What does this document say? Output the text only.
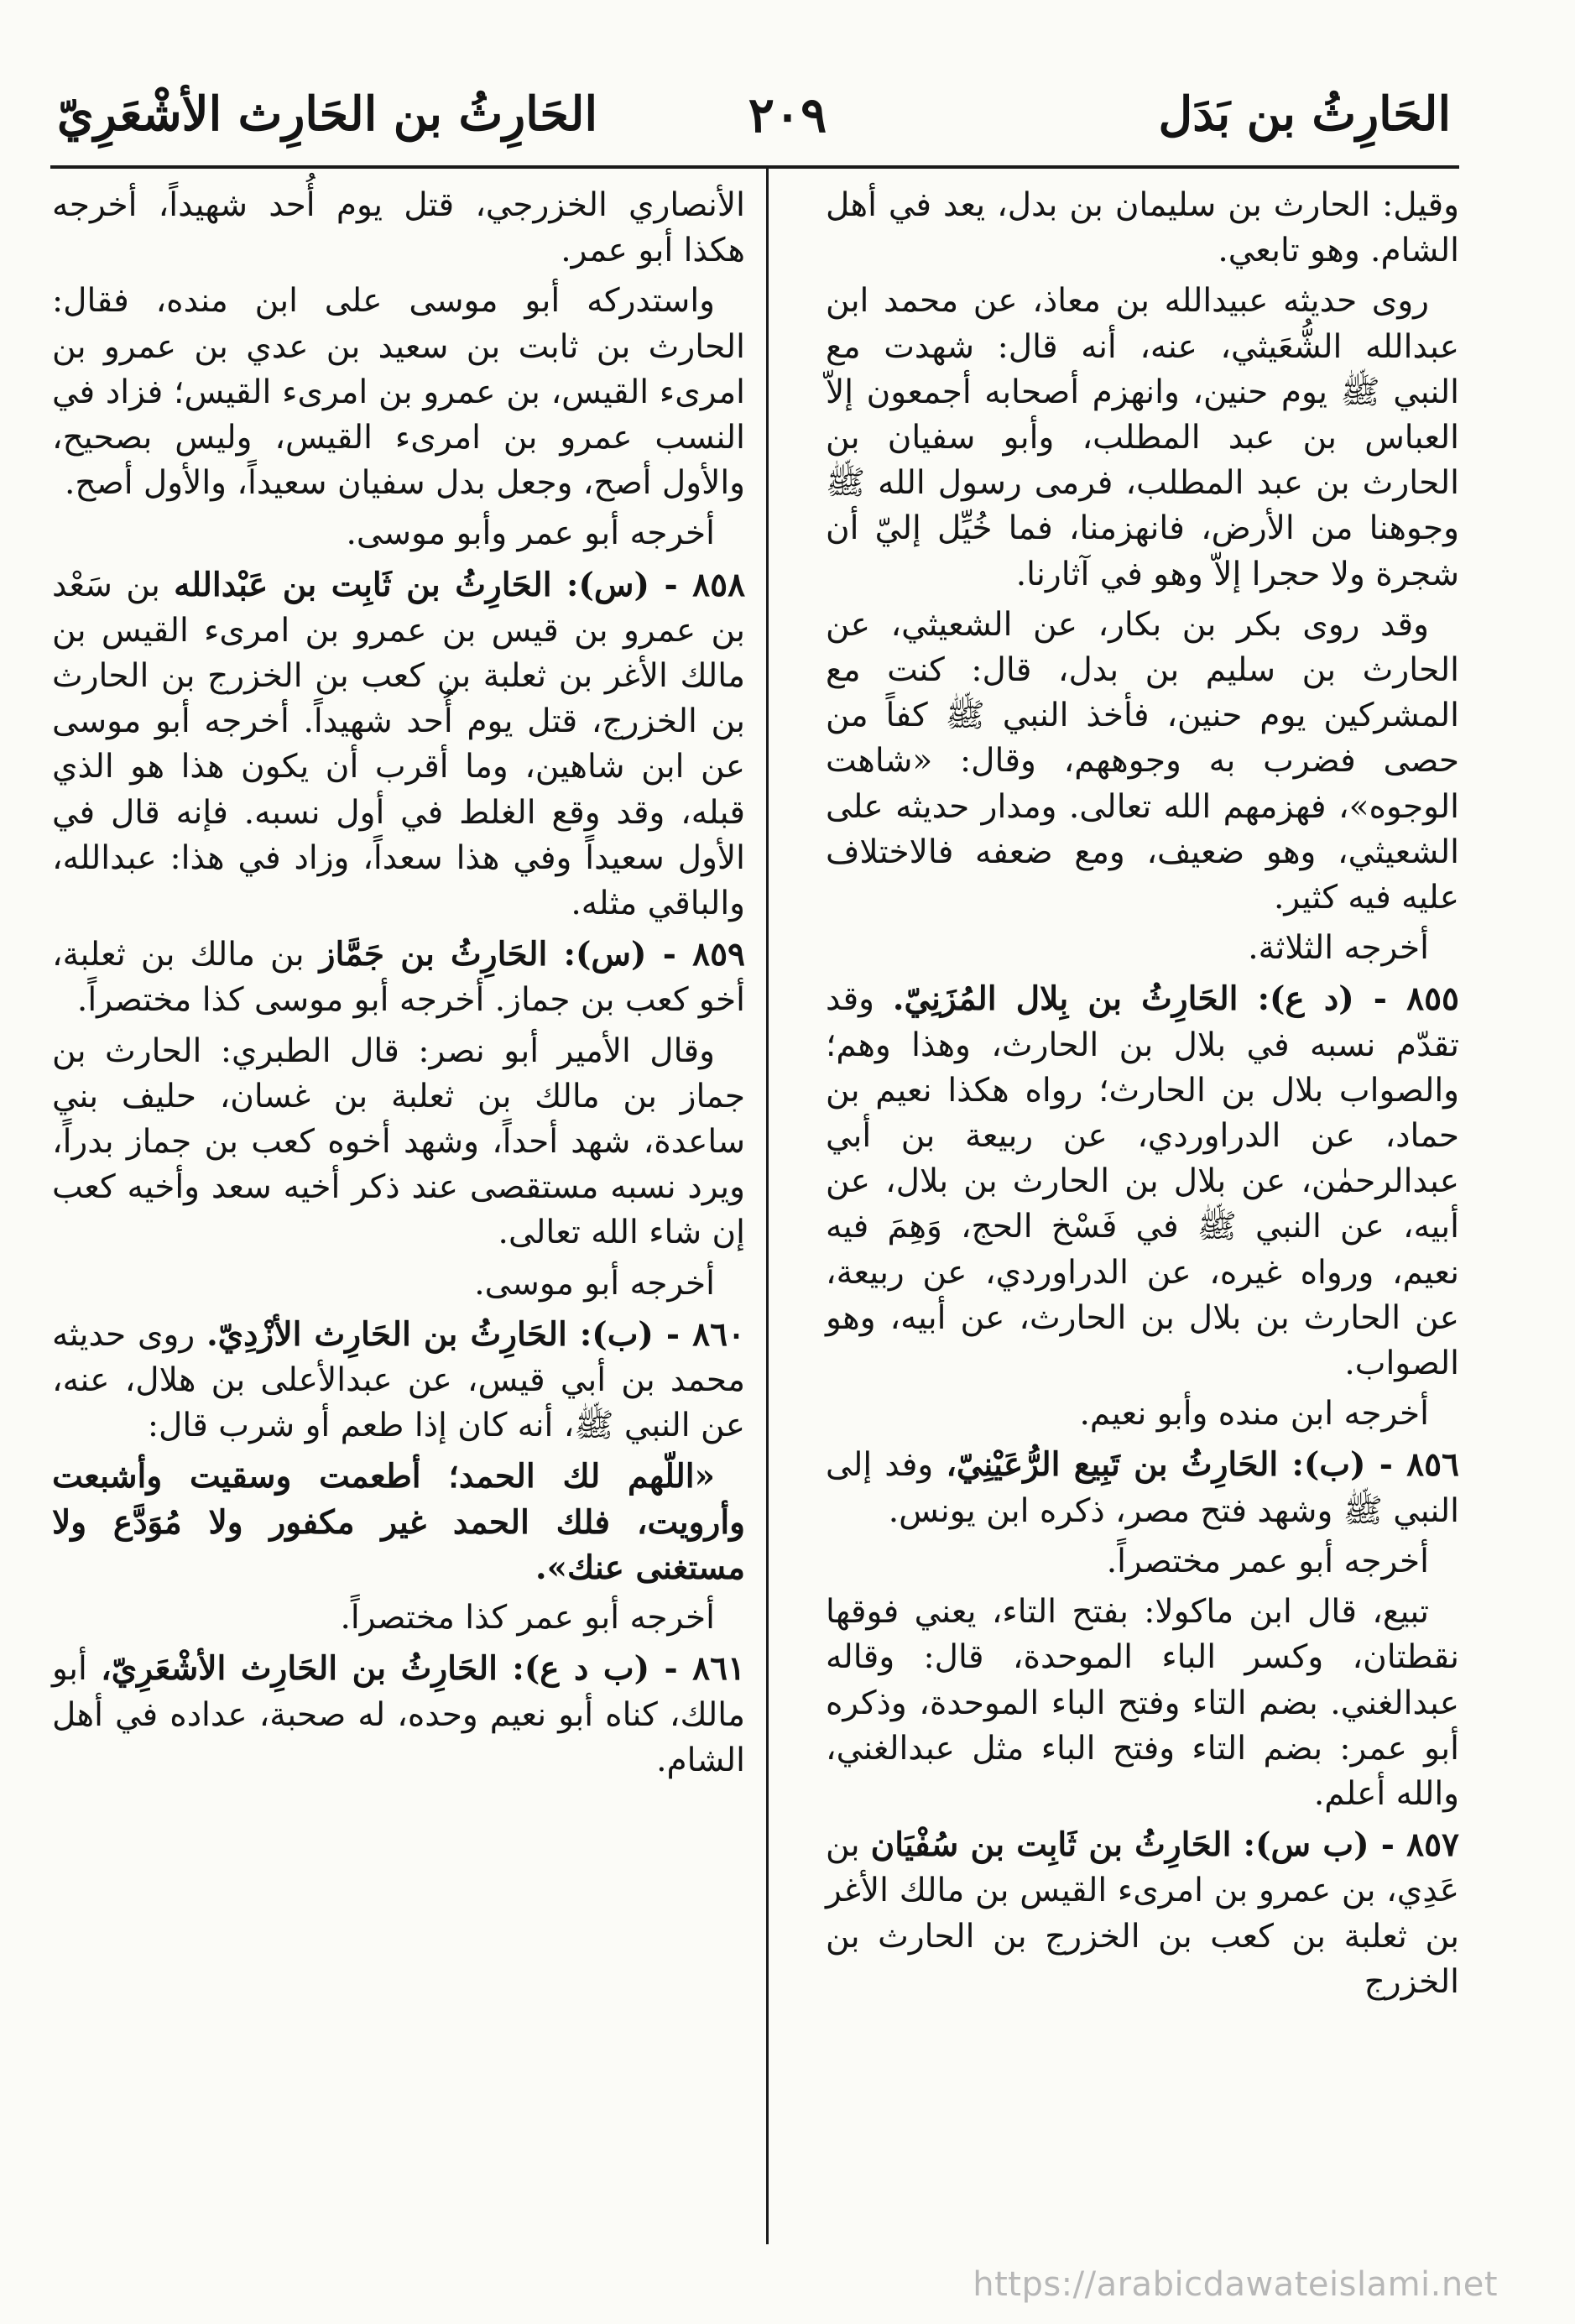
الحَارِثُ بن بَدَل
٢٠٩
الحَارِثُ بن الحَارِث الأشْعَرِيّ

وقيل: الحارث بن سليمان بن بدل، يعد في أهل الشام. وهو تابعي.

روى حديثه عبيدالله بن معاذ، عن محمد ابن عبدالله الشُّعَيثي، عنه، أنه قال: شهدت مع النبي ﷺ يوم حنين، وانهزم أصحابه أجمعون إلاّ العباس بن عبد المطلب، وأبو سفيان بن الحارث بن عبد المطلب، فرمى رسول الله ﷺ وجوهنا من الأرض، فانهزمنا، فما خُيِّل إليّ أن شجرة ولا حجرا إلاّ وهو في آثارنا.

وقد روى بكر بن بكار، عن الشعيثي، عن الحارث بن سليم بن بدل، قال: كنت مع المشركين يوم حنين، فأخذ النبي ﷺ كفاً من حصى فضرب به وجوههم، وقال: «شاهت الوجوه»، فهزمهم الله تعالى. ومدار حديثه على الشعيثي، وهو ضعيف، ومع ضعفه فالاختلاف عليه فيه كثير.

أخرجه الثلاثة.

٨٥٥ - (د ع): الحَارِثُ بن بِلال المُزَنِيّ. وقد تقدّم نسبه في بلال بن الحارث، وهذا وهم؛ والصواب بلال بن الحارث؛ رواه هكذا نعيم بن حماد، عن الدراوردي، عن ربيعة بن أبي عبدالرحمٰن، عن بلال بن الحارث بن بلال، عن أبيه، عن النبي ﷺ في فَسْخ الحج، وَهِمَ فيه نعيم، ورواه غيره، عن الدراوردي، عن ربيعة، عن الحارث بن بلال بن الحارث، عن أبيه، وهو الصواب.

أخرجه ابن منده وأبو نعيم.

٨٥٦ - (ب): الحَارِثُ بن تَبِيع الرُّعَيْنِيّ، وفد إلى النبي ﷺ وشهد فتح مصر، ذكره ابن يونس.

أخرجه أبو عمر مختصراً.

تبيع، قال ابن ماكولا: بفتح التاء، يعني فوقها نقطتان، وكسر الباء الموحدة، قال: وقاله عبدالغني. بضم التاء وفتح الباء الموحدة، وذكره أبو عمر: بضم التاء وفتح الباء مثل عبدالغني، والله أعلم.

٨٥٧ - (ب س): الحَارِثُ بن ثَابِت بن سُفْيَان بن عَدِي، بن عمرو بن امرىء القيس بن مالك الأغر بن ثعلبة بن كعب بن الخزرج بن الحارث بن الخزرج

الأنصاري الخزرجي، قتل يوم أُحد شهيداً، أخرجه هكذا أبو عمر.

واستدركه أبو موسى على ابن منده، فقال: الحارث بن ثابت بن سعيد بن عدي بن عمرو بن امرىء القيس، بن عمرو بن امرىء القيس؛ فزاد في النسب عمرو بن امرىء القيس، وليس بصحيح، والأول أصح، وجعل بدل سفيان سعيداً، والأول أصح.

أخرجه أبو عمر وأبو موسى.

٨٥٨ - (س): الحَارِثُ بن ثَابِت بن عَبْدالله بن سَعْد بن عمرو بن قيس بن عمرو بن امرىء القيس بن مالك الأغر بن ثعلبة بن كعب بن الخزرج بن الحارث بن الخزرج، قتل يوم أُحد شهيداً. أخرجه أبو موسى عن ابن شاهين، وما أقرب أن يكون هذا هو الذي قبله، وقد وقع الغلط في أول نسبه. فإنه قال في الأول سعيداً وفي هذا سعداً، وزاد في هذا: عبدالله، والباقي مثله.

٨٥٩ - (س): الحَارِثُ بن جَمَّاز بن مالك بن ثعلبة، أخو كعب بن جماز. أخرجه أبو موسى كذا مختصراً.

وقال الأمير أبو نصر: قال الطبري: الحارث بن جماز بن مالك بن ثعلبة بن غسان، حليف بني ساعدة، شهد أحداً، وشهد أخوه كعب بن جماز بدراً، ويرد نسبه مستقصى عند ذكر أخيه سعد وأخيه كعب إن شاء الله تعالى.

أخرجه أبو موسى.

٨٦٠ - (ب): الحَارِثُ بن الحَارِث الأزْدِيّ. روى حديثه محمد بن أبي قيس، عن عبدالأعلى بن هلال، عنه، عن النبي ﷺ، أنه كان إذا طعم أو شرب قال:

«اللّهم لك الحمد؛ أطعمت وسقيت وأشبعت وأرويت، فلك الحمد غير مكفور ولا مُوَدَّع ولا مستغنى عنك».

أخرجه أبو عمر كذا مختصراً.

٨٦١ - (ب د ع): الحَارِثُ بن الحَارِث الأشْعَرِيّ، أبو مالك، كناه أبو نعيم وحده، له صحبة، عداده في أهل الشام.

https://arabicdawateislami.net
